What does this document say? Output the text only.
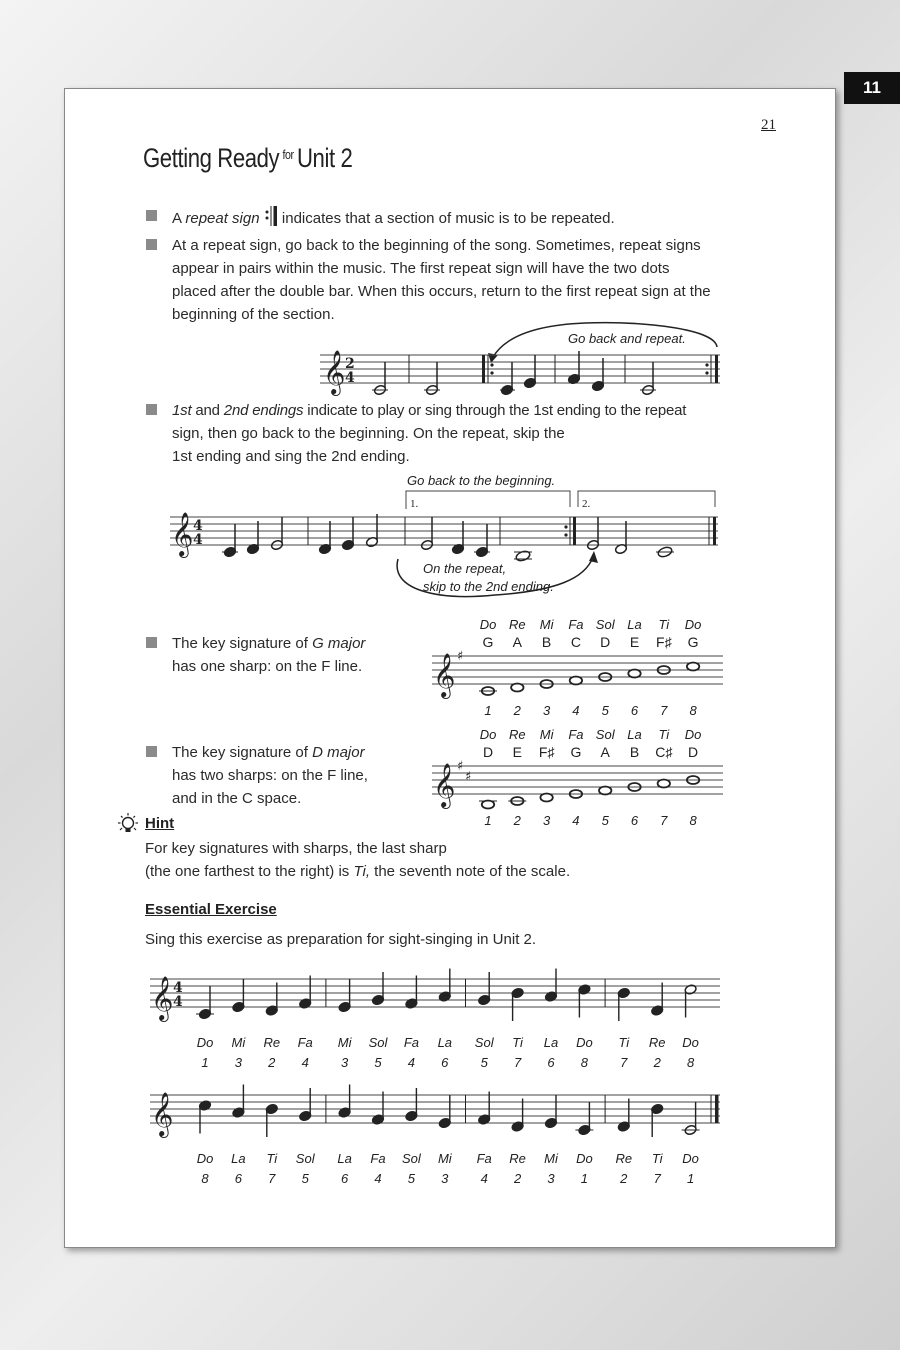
11
21
Getting Ready $^{for}$ Unit 2
A repeat sign  indicates that a section of music is to be repeated.
At a repeat sign, go back to the beginning of the song. Sometimes, repeat signs
appear in pairs within the music. The first repeat sign will have the two dots
placed after the double bar. When this occurs, return to the first repeat sign at the
beginning of the section.
Go back and repeat.
𝄞 2
4
1st and 2nd endings indicate to play or sing through the 1st ending to the repeat
sign, then go back to the beginning. On the repeat, skip the
1st ending and sing the 2nd ending.
Go back to the beginning.
1.	2.
𝄞 4
4
On the repeat,
skip to the 2nd ending.
The key signature of G major
has one sharp: on the F line. 𝄞 ♯
Do
G
1
Re
A
2
Mi
B
3
Fa
C
4
Sol
D
5
La
E
6
Ti
F♯
7
Do
G
8
The key signature of D major
has two sharps: on the F line,
and in the C space.	𝄞 ♯
♯
Do
D
1
Re
E
2
Mi
F♯
3
Fa
G
4
Sol
A
5
La
B
6
Ti
C♯
7
Do
D
8
Hint
For key signatures with sharps, the last sharp
(the one farthest to the right) is Ti, the seventh note of the scale.
Essential Exercise
Sing this exercise as preparation for sight-singing in Unit 2.
𝄞 4
4
Do
1
Mi
3
Re
2
Fa
4
Mi
3
Sol
5
Fa
4
La
6
Sol
5
Ti
7
La
6
Do
8
Ti
7
Re
2
Do
8
𝄞
Do
8
La
6
Ti
7
Sol
5
La
6
Fa
4
Sol
5
Mi
3
Fa
4
Re
2
Mi
3
Do
1
Re
2
Ti
7
Do
1
